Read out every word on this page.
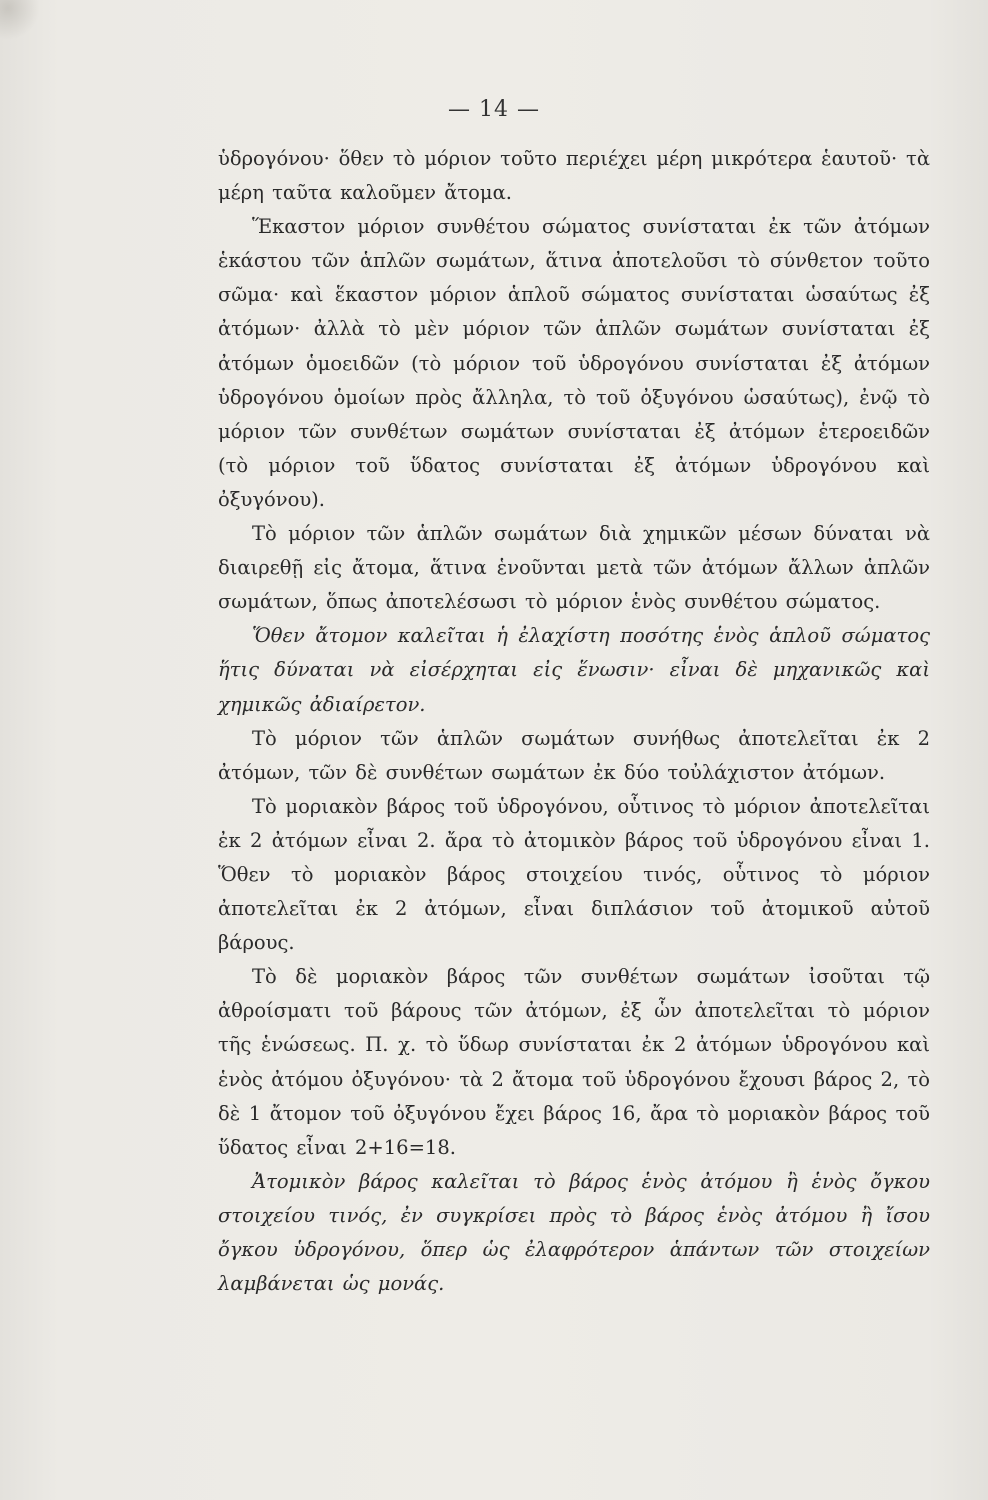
— 14 —

ὑδρογόνου· ὅθεν τὸ μόριον τοῦτο περιέχει μέρη μικρότερα ἑαυτοῦ· τὰ μέρη ταῦτα καλοῦμεν ἄτομα.

Ἕκαστον μόριον συνθέτου σώματος συνίσταται ἐκ τῶν ἀτόμων ἑκάστου τῶν ἁπλῶν σωμάτων, ἅτινα ἀποτελοῦσι τὸ σύνθετον τοῦτο σῶμα· καὶ ἕκαστον μόριον ἁπλοῦ σώματος συνίσταται ὡσαύτως ἐξ ἀτόμων· ἀλλὰ τὸ μὲν μόριον τῶν ἁπλῶν σωμάτων συνίσταται ἐξ ἀτόμων ὁμοειδῶν (τὸ μόριον τοῦ ὑδρογόνου συνίσταται ἐξ ἀτόμων ὑδρογόνου ὁμοίων πρὸς ἄλληλα, τὸ τοῦ ὀξυγόνου ὡσαύτως), ἐνῷ τὸ μόριον τῶν συνθέτων σωμάτων συνίσταται ἐξ ἀτόμων ἑτεροειδῶν (τὸ μόριον τοῦ ὕδατος συνίσταται ἐξ ἀτόμων ὑδρογόνου καὶ ὀξυγόνου).

Τὸ μόριον τῶν ἁπλῶν σωμάτων διὰ χημικῶν μέσων δύναται νὰ διαιρεθῇ εἰς ἄτομα, ἅτινα ἑνοῦνται μετὰ τῶν ἀτόμων ἄλλων ἁπλῶν σωμάτων, ὅπως ἀποτελέσωσι τὸ μόριον ἑνὸς συνθέτου σώματος.

Ὅθεν ἄτομον καλεῖται ἡ ἐλαχίστη ποσότης ἑνὸς ἁπλοῦ σώματος ἥτις δύναται νὰ εἰσέρχηται εἰς ἕνωσιν· εἶναι δὲ μηχανικῶς καὶ χημικῶς ἀδιαίρετον.

Τὸ μόριον τῶν ἁπλῶν σωμάτων συνήθως ἀποτελεῖται ἐκ 2 ἀτόμων, τῶν δὲ συνθέτων σωμάτων ἐκ δύο τοὐλάχιστον ἀτόμων.

Τὸ μοριακὸν βάρος τοῦ ὑδρογόνου, οὗτινος τὸ μόριον ἀποτελεῖται ἐκ 2 ἀτόμων εἶναι 2. ἄρα τὸ ἀτομικὸν βάρος τοῦ ὑδρογόνου εἶναι 1. Ὅθεν τὸ μοριακὸν βάρος στοιχείου τινός, οὗτινος τὸ μόριον ἀποτελεῖται ἐκ 2 ἀτόμων, εἶναι διπλάσιον τοῦ ἀτομικοῦ αὐτοῦ βάρους.

Τὸ δὲ μοριακὸν βάρος τῶν συνθέτων σωμάτων ἰσοῦται τῷ ἀθροίσματι τοῦ βάρους τῶν ἀτόμων, ἐξ ὧν ἀποτελεῖται τὸ μόριον τῆς ἑνώσεως. Π. χ. τὸ ὕδωρ συνίσταται ἐκ 2 ἀτόμων ὑδρογόνου καὶ ἑνὸς ἀτόμου ὀξυγόνου· τὰ 2 ἄτομα τοῦ ὑδρογόνου ἔχουσι βάρος 2, τὸ δὲ 1 ἄτομον τοῦ ὀξυγόνου ἔχει βάρος 16, ἄρα τὸ μοριακὸν βάρος τοῦ ὕδατος εἶναι 2+16=18.

Ἀτομικὸν βάρος καλεῖται τὸ βάρος ἑνὸς ἀτόμου ἢ ἑνὸς ὄγκου στοιχείου τινός, ἐν συγκρίσει πρὸς τὸ βάρος ἑνὸς ἀτόμου ἢ ἴσου ὄγκου ὑδρογόνου, ὅπερ ὡς ἐλαφρότερον ἁπάντων τῶν στοιχείων λαμβάνεται ὡς μονάς.
